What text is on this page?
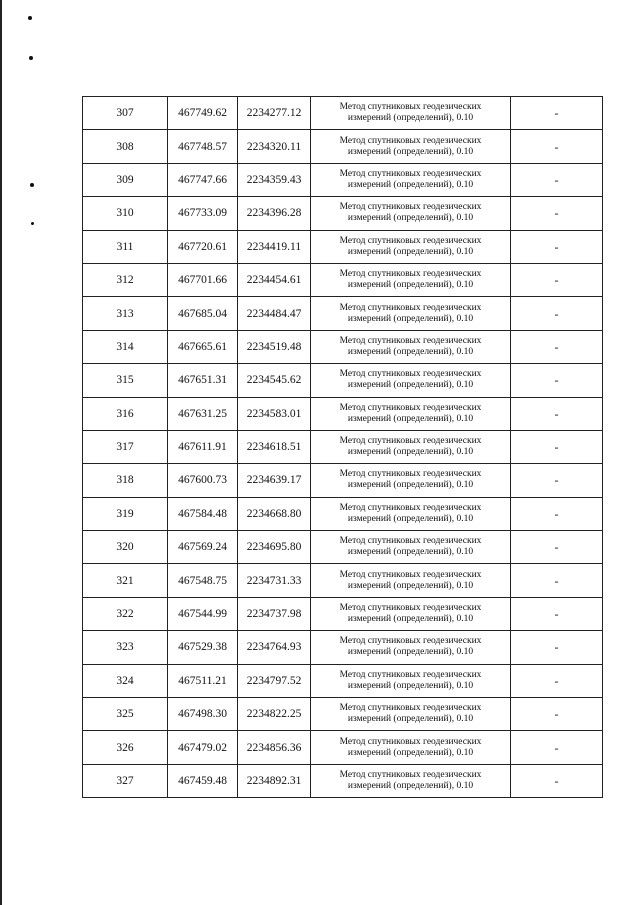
307	467749.62	2234277.12	Метод спутниковых геодезических
измерений (определений), 0.10	-
308	467748.57	2234320.11	Метод спутниковых геодезических
измерений (определений), 0.10	-
309	467747.66	2234359.43	Метод спутниковых геодезических
измерений (определений), 0.10	-
310	467733.09	2234396.28	Метод спутниковых геодезических
измерений (определений), 0.10	-
311	467720.61	2234419.11	Метод спутниковых геодезических
измерений (определений), 0.10	-
312	467701.66	2234454.61	Метод спутниковых геодезических
измерений (определений), 0.10	-
313	467685.04	2234484.47	Метод спутниковых геодезических
измерений (определений), 0.10	-
314	467665.61	2234519.48	Метод спутниковых геодезических
измерений (определений), 0.10	-
315	467651.31	2234545.62	Метод спутниковых геодезических
измерений (определений), 0.10	-
316	467631.25	2234583.01	Метод спутниковых геодезических
измерений (определений), 0.10	-
317	467611.91	2234618.51	Метод спутниковых геодезических
измерений (определений), 0.10	-
318	467600.73	2234639.17	Метод спутниковых геодезических
измерений (определений), 0.10	-
319	467584.48	2234668.80	Метод спутниковых геодезических
измерений (определений), 0.10	-
320	467569.24	2234695.80	Метод спутниковых геодезических
измерений (определений), 0.10	-
321	467548.75	2234731.33	Метод спутниковых геодезических
измерений (определений), 0.10	-
322	467544.99	2234737.98	Метод спутниковых геодезических
измерений (определений), 0.10	-
323	467529.38	2234764.93	Метод спутниковых геодезических
измерений (определений), 0.10	-
324	467511.21	2234797.52	Метод спутниковых геодезических
измерений (определений), 0.10	-
325	467498.30	2234822.25	Метод спутниковых геодезических
измерений (определений), 0.10	-
326	467479.02	2234856.36	Метод спутниковых геодезических
измерений (определений), 0.10	-
327	467459.48	2234892.31	Метод спутниковых геодезических
измерений (определений), 0.10	-
